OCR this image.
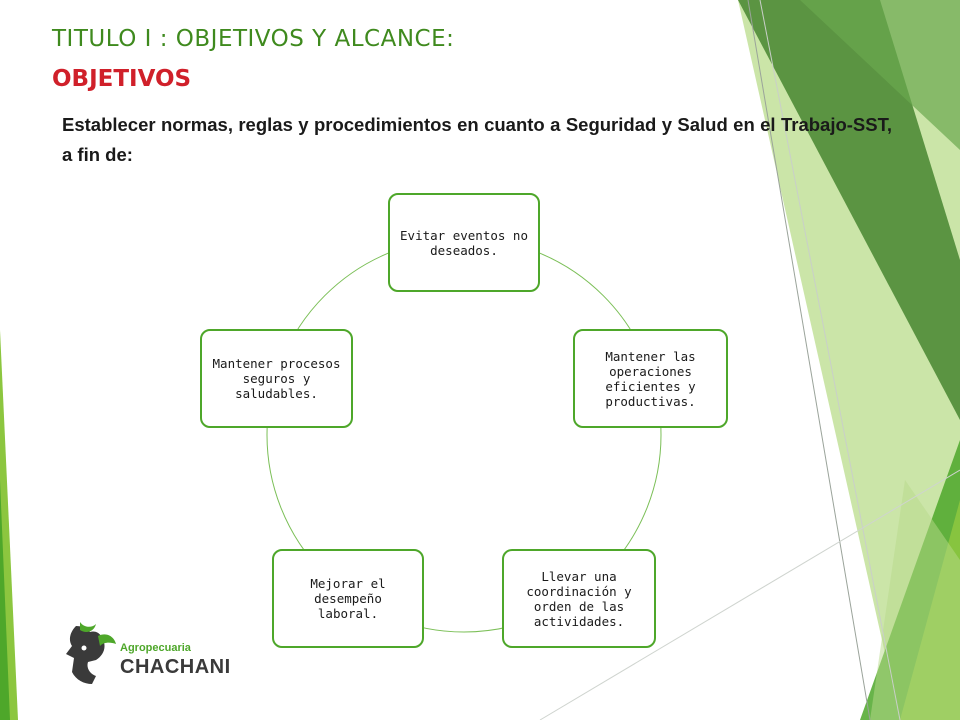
TITULO I : OBJETIVOS Y ALCANCE:
OBJETIVOS
Establecer normas, reglas y procedimientos en cuanto a Seguridad y Salud en el Trabajo-SST, a fin de:
Evitar eventos no deseados.
Mantener las operaciones eficientes y productivas.
Llevar una coordinación y orden de las actividades.
Mejorar el desempeño laboral.
Mantener procesos seguros y saludables.
Agropecuaria
CHACHANI
